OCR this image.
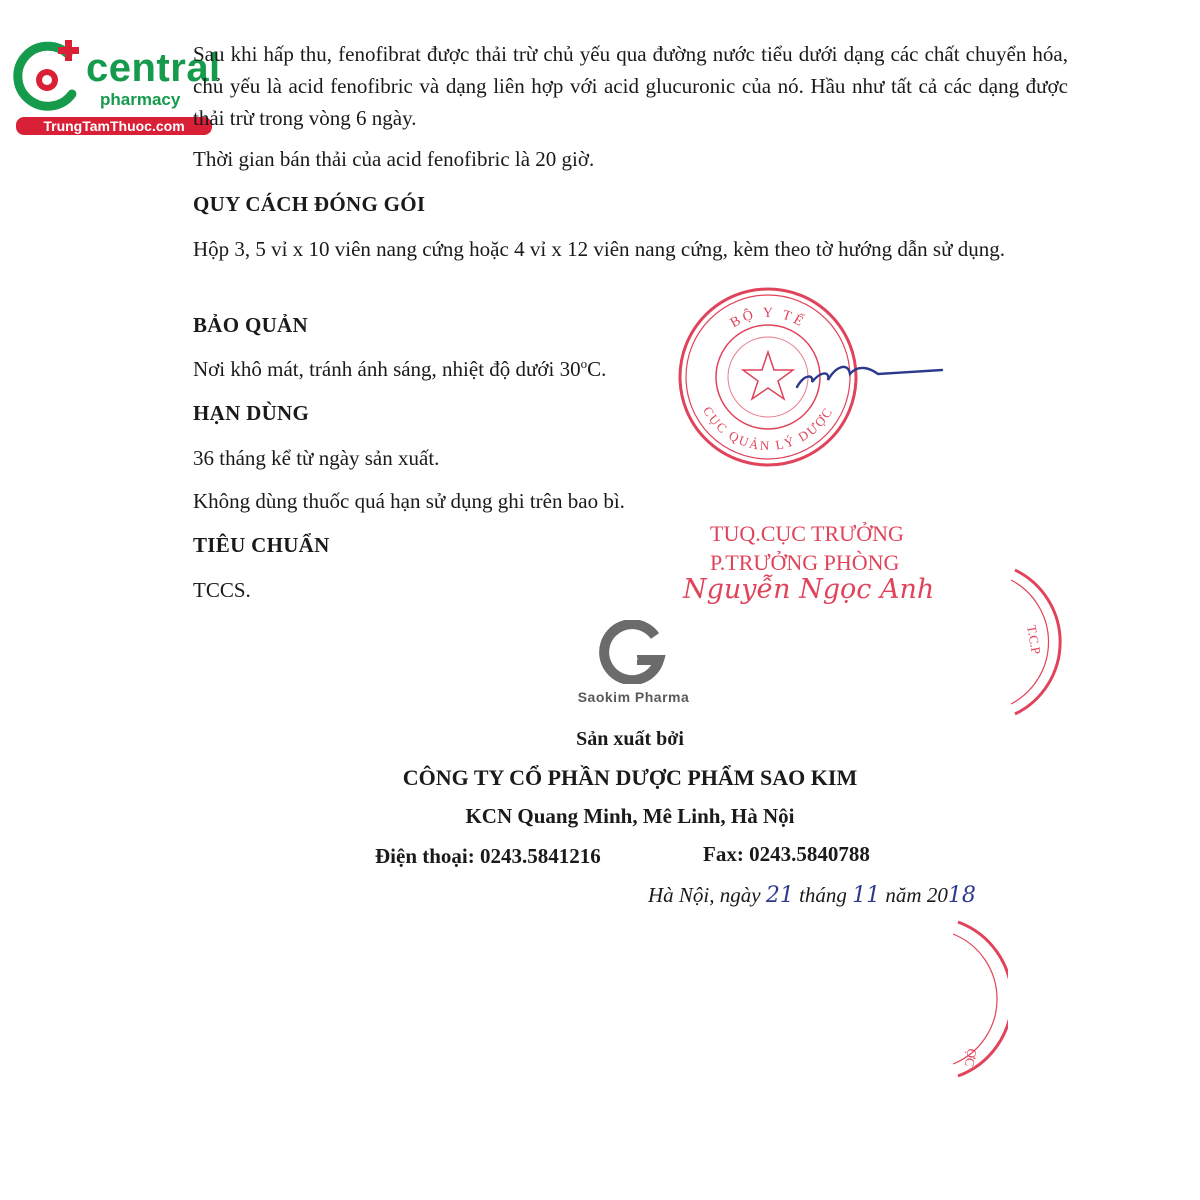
central
pharmacy
TrungTamThuoc.com
Sau khi hấp thu, fenofibrat được thải trừ chủ yếu qua đường nước tiểu dưới dạng các chất chuyển hóa, chủ yếu là acid fenofibric và dạng liên hợp với acid glucuronic của nó. Hầu như tất cả các dạng được thải trừ trong vòng 6 ngày.
Thời gian bán thải của acid fenofibric là 20 giờ.
QUY CÁCH ĐÓNG GÓI
Hộp 3, 5 vỉ x 10 viên nang cứng hoặc 4 vỉ x 12 viên nang cứng, kèm theo tờ hướng dẫn sử dụng.
BẢO QUẢN
Nơi khô mát, tránh ánh sáng, nhiệt độ dưới 30$^o$C.
HẠN DÙNG
36 tháng kể từ ngày sản xuất.
Không dùng thuốc quá hạn sử dụng ghi trên bao bì.
TIÊU CHUẨN
TCCS.
BỘ Y TẾ
CỤC QUẢN LÝ DƯỢC
TUQ.CỤC TRƯỞNG
P.TRƯỞNG PHÒNG
Nguyễn Ngọc Anh
T.C.P
ỢC
Saokim Pharma
Sản xuất bởi
CÔNG TY CỔ PHẦN DƯỢC PHẨM SAO KIM
KCN Quang Minh, Mê Linh, Hà Nội
Điện thoại: 0243.5841216	Fax: 0243.5840788
Hà Nội, ngày 21 tháng 11 năm 2018
